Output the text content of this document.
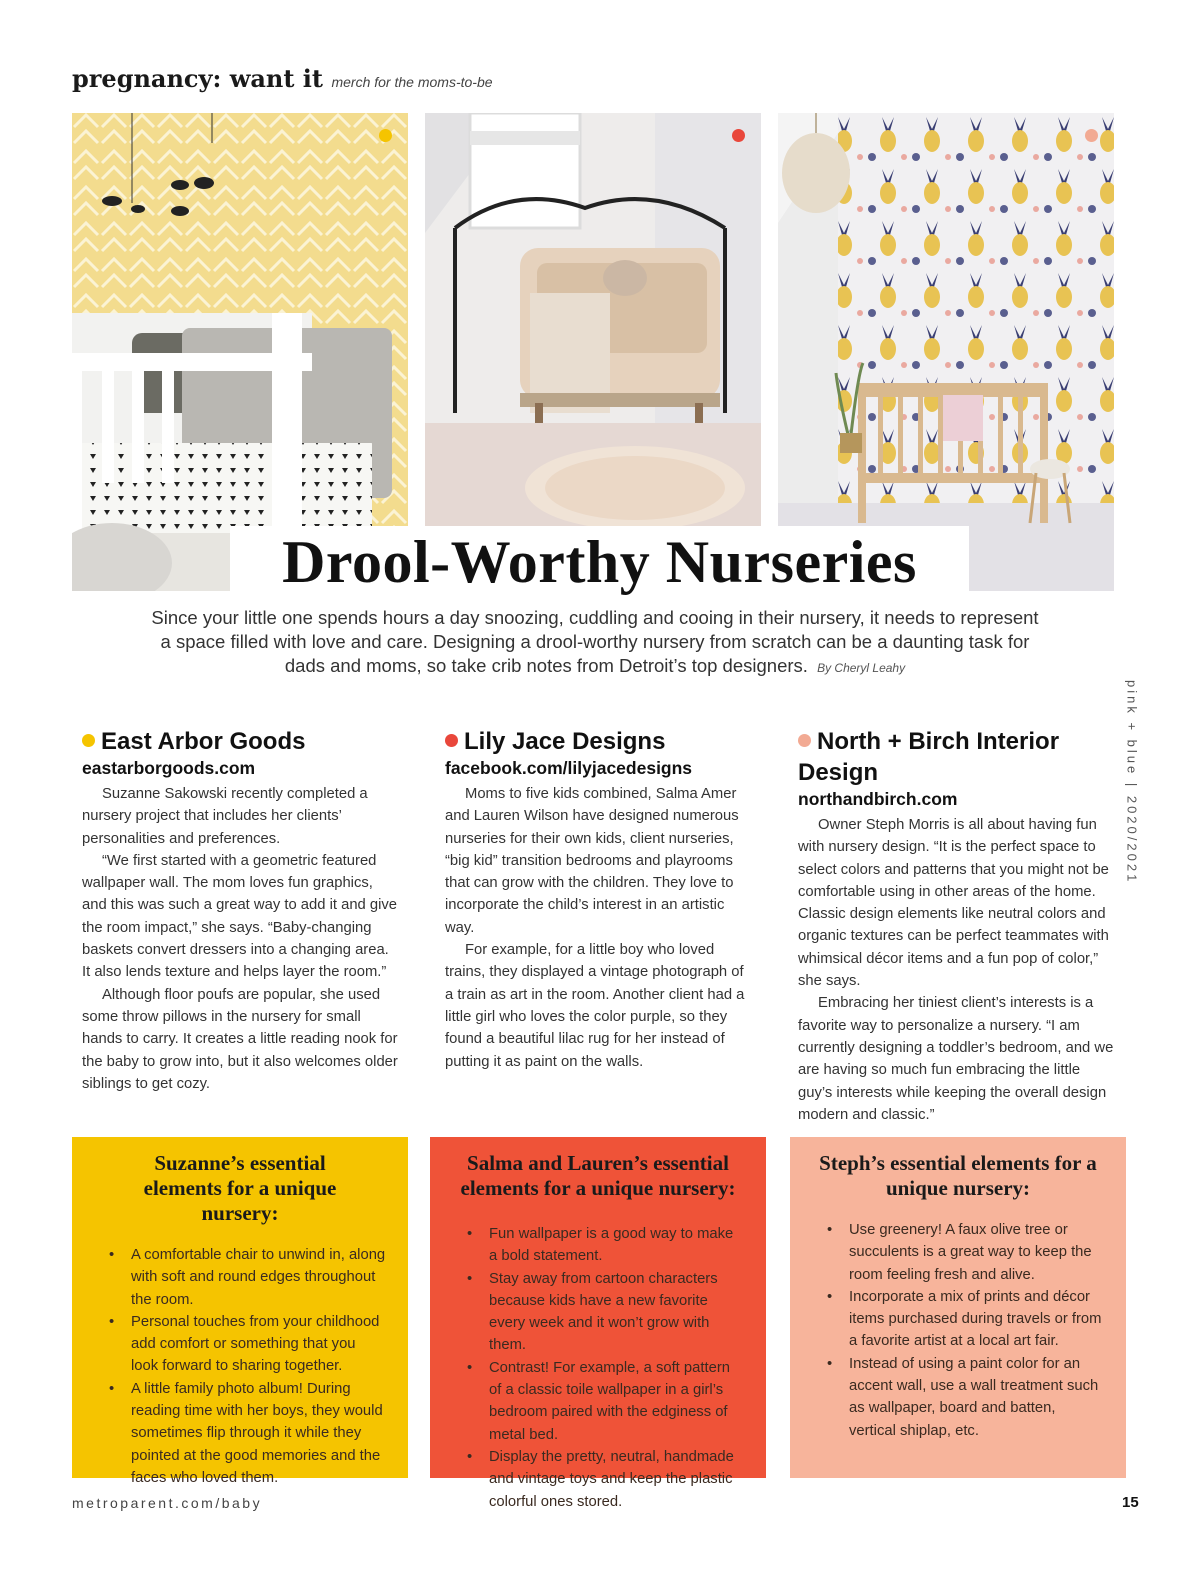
pregnancy: want it merch for the moms-to-be
Drool-Worthy Nurseries
Since your little one spends hours a day snoozing, cuddling and cooing in their nursery, it needs to represent a space filled with love and care. Designing a drool-worthy nursery from scratch can be a daunting task for dads and moms, so take crib notes from Detroit’s top designers. By Cheryl Leahy
pink + blue | 2020/2021
East Arbor Goods
eastarborgoods.com

Suzanne Sakowski recently completed a nursery project that includes her clients’ personalities and preferences.

“We first started with a geometric featured wallpaper wall. The mom loves fun graphics, and this was such a great way to add it and give the room impact,” she says. “Baby-changing baskets convert dressers into a changing area. It also lends texture and helps layer the room.”

Although floor poufs are popular, she used some throw pillows in the nursery for small hands to carry. It creates a little reading nook for the baby to grow into, but it also welcomes older siblings to get cozy.

Lily Jace Designs
facebook.com/lilyjacedesigns

Moms to five kids combined, Salma Amer and Lauren Wilson have designed numerous nurseries for their own kids, client nurseries, “big kid” transition bedrooms and playrooms that can grow with the children. They love to incorporate the child’s interest in an artistic way.

For example, for a little boy who loved trains, they displayed a vintage photograph of a train as art in the room. Another client had a little girl who loves the color purple, so they found a beautiful lilac rug for her instead of putting it as paint on the walls.

North + Birch Interior Design
northandbirch.com

Owner Steph Morris is all about having fun with nursery design. “It is the perfect space to select colors and patterns that you might not be comfortable using in other areas of the home. Classic design elements like neutral colors and organic textures can be perfect teammates with whimsical décor items and a fun pop of color,” she says.

Embracing her tiniest client’s interests is a favorite way to personalize a nursery. “I am currently designing a toddler’s bedroom, and we are having so much fun embracing the little guy’s interests while keeping the overall design modern and classic.”

Suzanne’s essential elements for a unique nursery:
• A comfortable chair to unwind in, along with soft and round edges throughout the room.
• Personal touches from your childhood add comfort or something that you look forward to sharing together.
• A little family photo album! During reading time with her boys, they would sometimes flip through it while they pointed at the good memories and the faces who loved them.
Salma and Lauren’s essential elements for a unique nursery:
• Fun wallpaper is a good way to make a bold statement.
• Stay away from cartoon characters because kids have a new favorite every week and it won’t grow with them.
• Contrast! For example, a soft pattern of a classic toile wallpaper in a girl’s bedroom paired with the edginess of metal bed.
• Display the pretty, neutral, handmade and vintage toys and keep the plastic colorful ones stored.
Steph’s essential elements for a unique nursery:
• Use greenery! A faux olive tree or succulents is a great way to keep the room feeling fresh and alive.
• Incorporate a mix of prints and décor items purchased during travels or from a favorite artist at a local art fair.
• Instead of using a paint color for an accent wall, use a wall treatment such as wallpaper, board and batten, vertical shiplap, etc.
metroparent.com/baby	15
